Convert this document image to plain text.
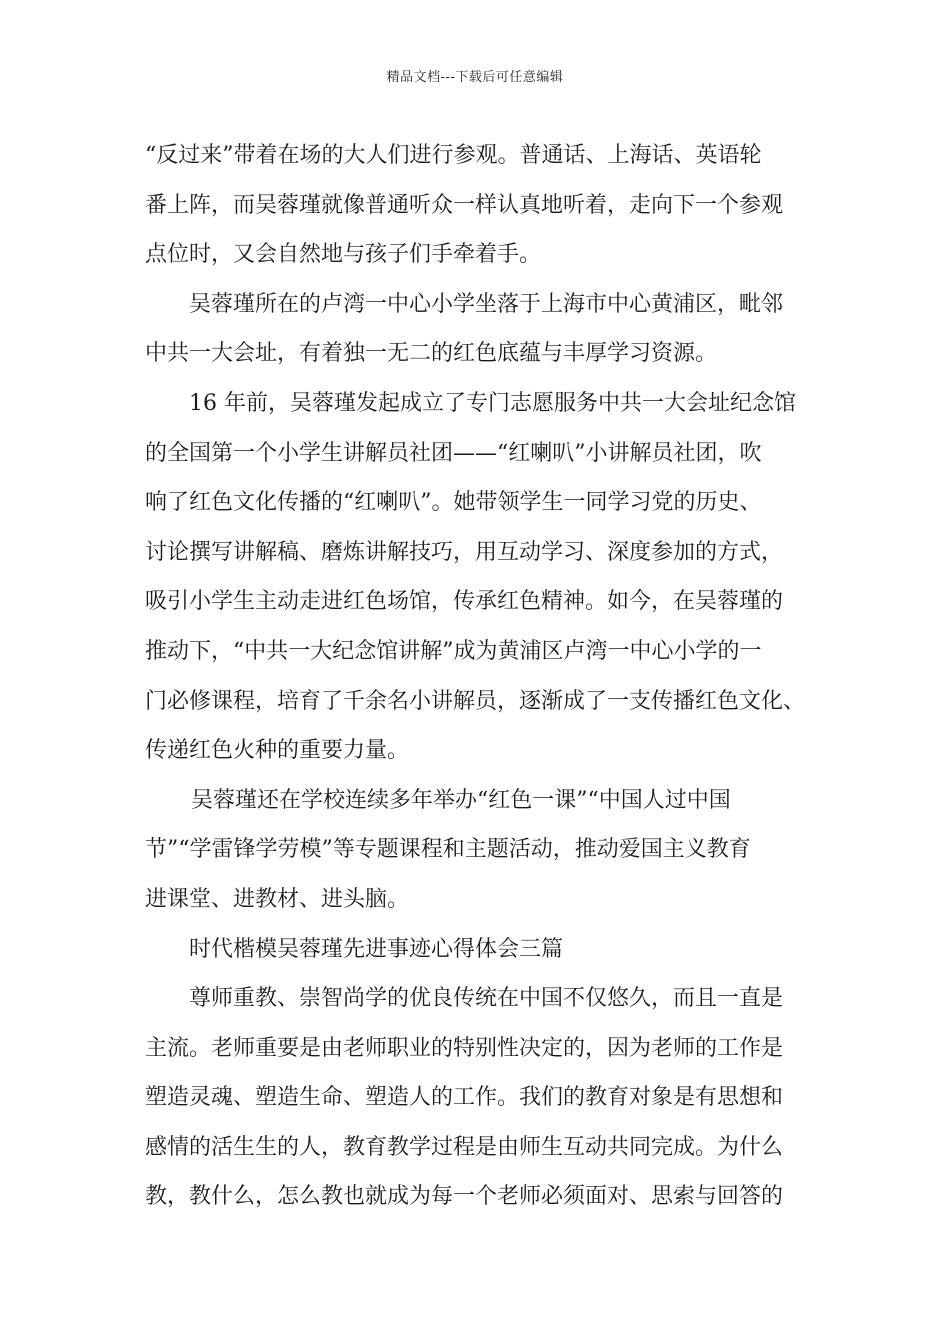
精品文档---下载后可任意编辑
“反过来”带着在场的大人们进行参观。普通话、上海话、英语轮
番上阵，而吴蓉瑾就像普通听众一样认真地听着，走向下一个参观
点位时，又会自然地与孩子们手牵着手。
吴蓉瑾所在的卢湾一中心小学坐落于上海市中心黄浦区，毗邻
中共一大会址，有着独一无二的红色底蕴与丰厚学习资源。
16 年前，吴蓉瑾发起成立了专门志愿服务中共一大会址纪念馆
的全国第一个小学生讲解员社团——“红喇叭”小讲解员社团，吹
响了红色文化传播的“红喇叭”。她带领学生一同学习党的历史、
讨论撰写讲解稿、磨炼讲解技巧，用互动学习、深度参加的方式，
吸引小学生主动走进红色场馆，传承红色精神。如今，在吴蓉瑾的
推动下，“中共一大纪念馆讲解”成为黄浦区卢湾一中心小学的一
门必修课程，培育了千余名小讲解员，逐渐成了一支传播红色文化、
传递红色火种的重要力量。
吴蓉瑾还在学校连续多年举办“红色一课”“中国人过中国
节”“学雷锋学劳模”等专题课程和主题活动，推动爱国主义教育
进课堂、进教材、进头脑。
时代楷模吴蓉瑾先进事迹心得体会三篇
尊师重教、崇智尚学的优良传统在中国不仅悠久，而且一直是
主流。老师重要是由老师职业的特别性决定的，因为老师的工作是
塑造灵魂、塑造生命、塑造人的工作。我们的教育对象是有思想和
感情的活生生的人，教育教学过程是由师生互动共同完成。为什么
教，教什么，怎么教也就成为每一个老师必须面对、思索与回答的
